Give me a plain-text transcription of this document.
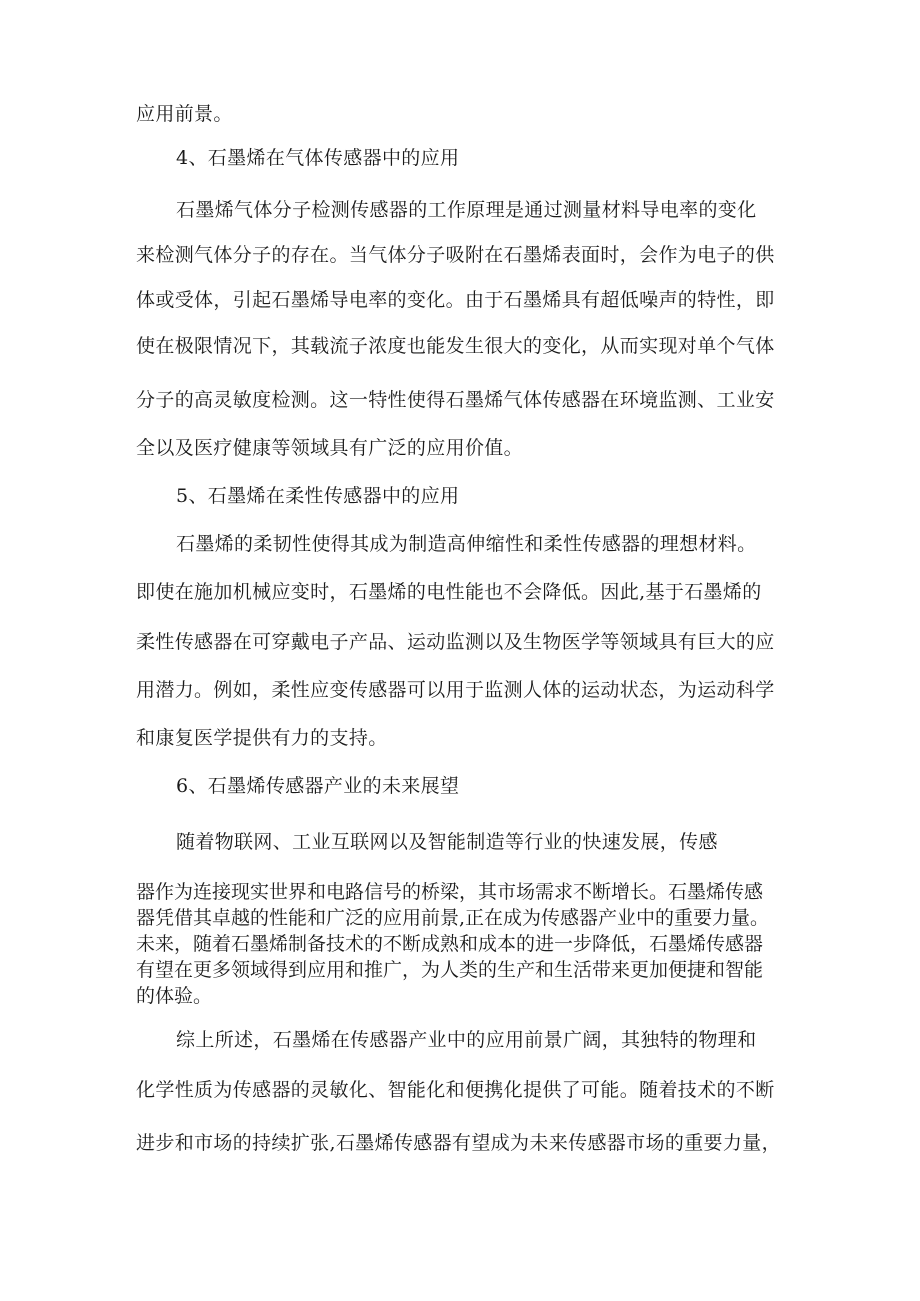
应用前景。
4、石墨烯在气体传感器中的应用
石墨烯气体分子检测传感器的工作原理是通过测量材料导电率的变化
来检测气体分子的存在。当气体分子吸附在石墨烯表面时，会作为电子的供
体或受体，引起石墨烯导电率的变化。由于石墨烯具有超低噪声的特性，即
使在极限情况下，其载流子浓度也能发生很大的变化，从而实现对单个气体
分子的高灵敏度检测。这一特性使得石墨烯气体传感器在环境监测、工业安
全以及医疗健康等领域具有广泛的应用价值。
5、石墨烯在柔性传感器中的应用
石墨烯的柔韧性使得其成为制造高伸缩性和柔性传感器的理想材料。
即使在施加机械应变时，石墨烯的电性能也不会降低。因此,基于石墨烯的
柔性传感器在可穿戴电子产品、运动监测以及生物医学等领域具有巨大的应
用潜力。例如，柔性应变传感器可以用于监测人体的运动状态，为运动科学
和康复医学提供有力的支持。
6、石墨烯传感器产业的未来展望
随着物联网、工业互联网以及智能制造等行业的快速发展，传感
器作为连接现实世界和电路信号的桥梁，其市场需求不断增长。石墨烯传感
器凭借其卓越的性能和广泛的应用前景,正在成为传感器产业中的重要力量。
未来，随着石墨烯制备技术的不断成熟和成本的进一步降低，石墨烯传感器
有望在更多领域得到应用和推广，为人类的生产和生活带来更加便捷和智能
的体验。
综上所述，石墨烯在传感器产业中的应用前景广阔，其独特的物理和
化学性质为传感器的灵敏化、智能化和便携化提供了可能。随着技术的不断
进步和市场的持续扩张,石墨烯传感器有望成为未来传感器市场的重要力量，
